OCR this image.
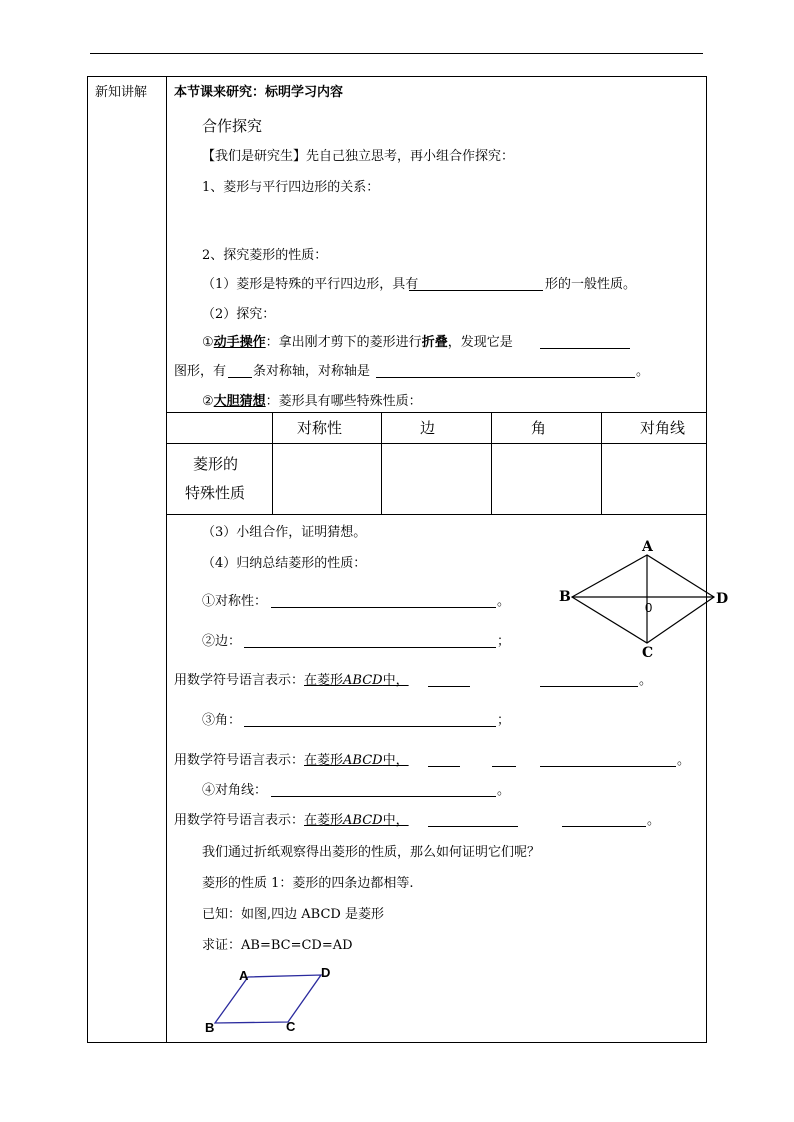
新知讲解 本节课来研究：标明学习内容
合作探究
【我们是研究生】先自己独立思考，再小组合作探究：
1、菱形与平行四边形的关系：
2、探究菱形的性质：
（1）菱形是特殊的平行四边形，具有	形的一般性质。
（2）探究：
①动手操作：拿出刚才剪下的菱形进行折叠，发现它是
图形，有 条对称轴，对称轴是	。
②大胆猜想：菱形具有哪些特殊性质：
对称性	边	角	对角线
菱形的
特殊性质
（3）小组合作，证明猜想。
（4）归纳总结菱形的性质：
A
B
C
D
0
①对称性：	。
②边：	；
用数学符号语言表示：在菱形ABCD中，	。
③角：	；
用数学符号语言表示：在菱形ABCD中，	。
④对角线：	。
用数学符号语言表示：在菱形ABCD中，	。
我们通过折纸观察得出菱形的性质，那么如何证明它们呢？
菱形的性质 1：菱形的四条边都相等.
已知：如图,四边 ABCD 是菱形
求证：AB=BC=CD=AD
A	D
B	C
